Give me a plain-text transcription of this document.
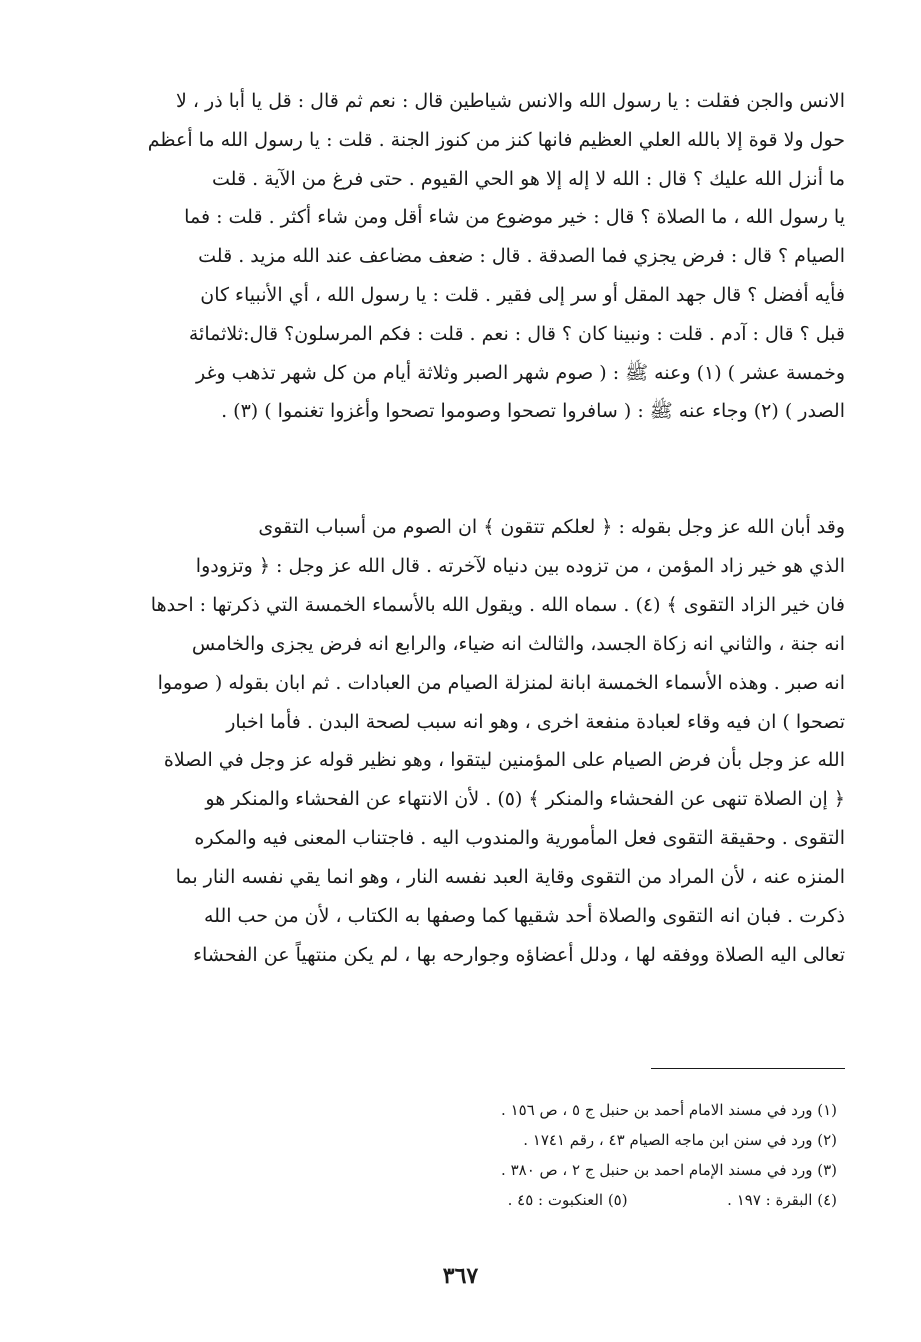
الانس والجن فقلت : يا رسول الله والانس شياطين قال : نعم ثم قال : قل يا أبا ذر ، لا
حول ولا قوة إلا بالله العلي العظيم فانها كنز من كنوز الجنة . قلت : يا رسول الله ما أعظم
ما أنزل الله عليك ؟ قال : الله لا إله إلا هو الحي القيوم . حتى فرغ من الآية . قلت
يا رسول الله ، ما الصلاة ؟ قال : خير موضوع من شاء أقل ومن شاء أكثر . قلت : فما
الصيام ؟ قال : فرض يجزي فما الصدقة . قال : ضعف مضاعف عند الله مزيد . قلت
فأيه أفضل ؟ قال جهد المقل أو سر إلى فقير . قلت : يا رسول الله ، أي الأنبياء كان
قبل ؟ قال : آدم . قلت : ونبينا كان ؟ قال : نعم . قلت : فكم المرسلون؟ قال:ثلاثمائة
وخمسة عشر ) (١) وعنه ﷺ : ( صوم شهر الصبر وثلاثة أيام من كل شهر تذهب وغر
الصدر ) (٢) وجاء عنه ﷺ : ( سافروا تصحوا وصوموا تصحوا وأغزوا تغنموا ) (٣) .

وقد أبان الله عز وجل بقوله : ﴿ لعلكم تتقون ﴾ ان الصوم من أسباب التقوى
الذي هو خير زاد المؤمن ، من تزوده بين دنياه لآخرته . قال الله عز وجل : ﴿ وتزودوا
فان خير الزاد التقوى ﴾ (٤) . سماه الله . ويقول الله بالأسماء الخمسة التي ذكرتها : احدها
انه جنة ، والثاني انه زكاة الجسد، والثالث انه ضياء، والرابع انه فرض يجزى والخامس
انه صبر . وهذه الأسماء الخمسة ابانة لمنزلة الصيام من العبادات . ثم ابان بقوله ( صوموا
تصحوا ) ان فيه وقاء لعبادة منفعة اخرى ، وهو انه سبب لصحة البدن . فأما اخبار
الله عز وجل بأن فرض الصيام على المؤمنين ليتقوا ، وهو نظير قوله عز وجل في الصلاة
﴿ إن الصلاة تنهى عن الفحشاء والمنكر ﴾ (٥) . لأن الانتهاء عن الفحشاء والمنكر هو
التقوى . وحقيقة التقوى فعل المأمورية والمندوب اليه . فاجتناب المعنى فيه والمكره
المنزه عنه ، لأن المراد من التقوى وقاية العبد نفسه النار ، وهو انما يقي نفسه النار بما
ذكرت . فبان انه التقوى والصلاة أحد شقيها كما وصفها به الكتاب ، لأن من حب الله
تعالى اليه الصلاة ووفقه لها ، ودلل أعضاؤه وجوارحه بها ، لم يكن منتهياً عن الفحشاء

(١) ورد في مسند الامام أحمد بن حنبل ج ٥ ، ص ١٥٦ .
(٢) ورد في سنن ابن ماجه الصيام ٤٣ ، رقم ١٧٤١ .
(٣) ورد في مسند الإمام احمد بن حنبل ج ٢ ، ص ٣٨٠ .
(٤) البقرة : ١٩٧ .  (٥) العنكبوت : ٤٥ .
٣٦٧
